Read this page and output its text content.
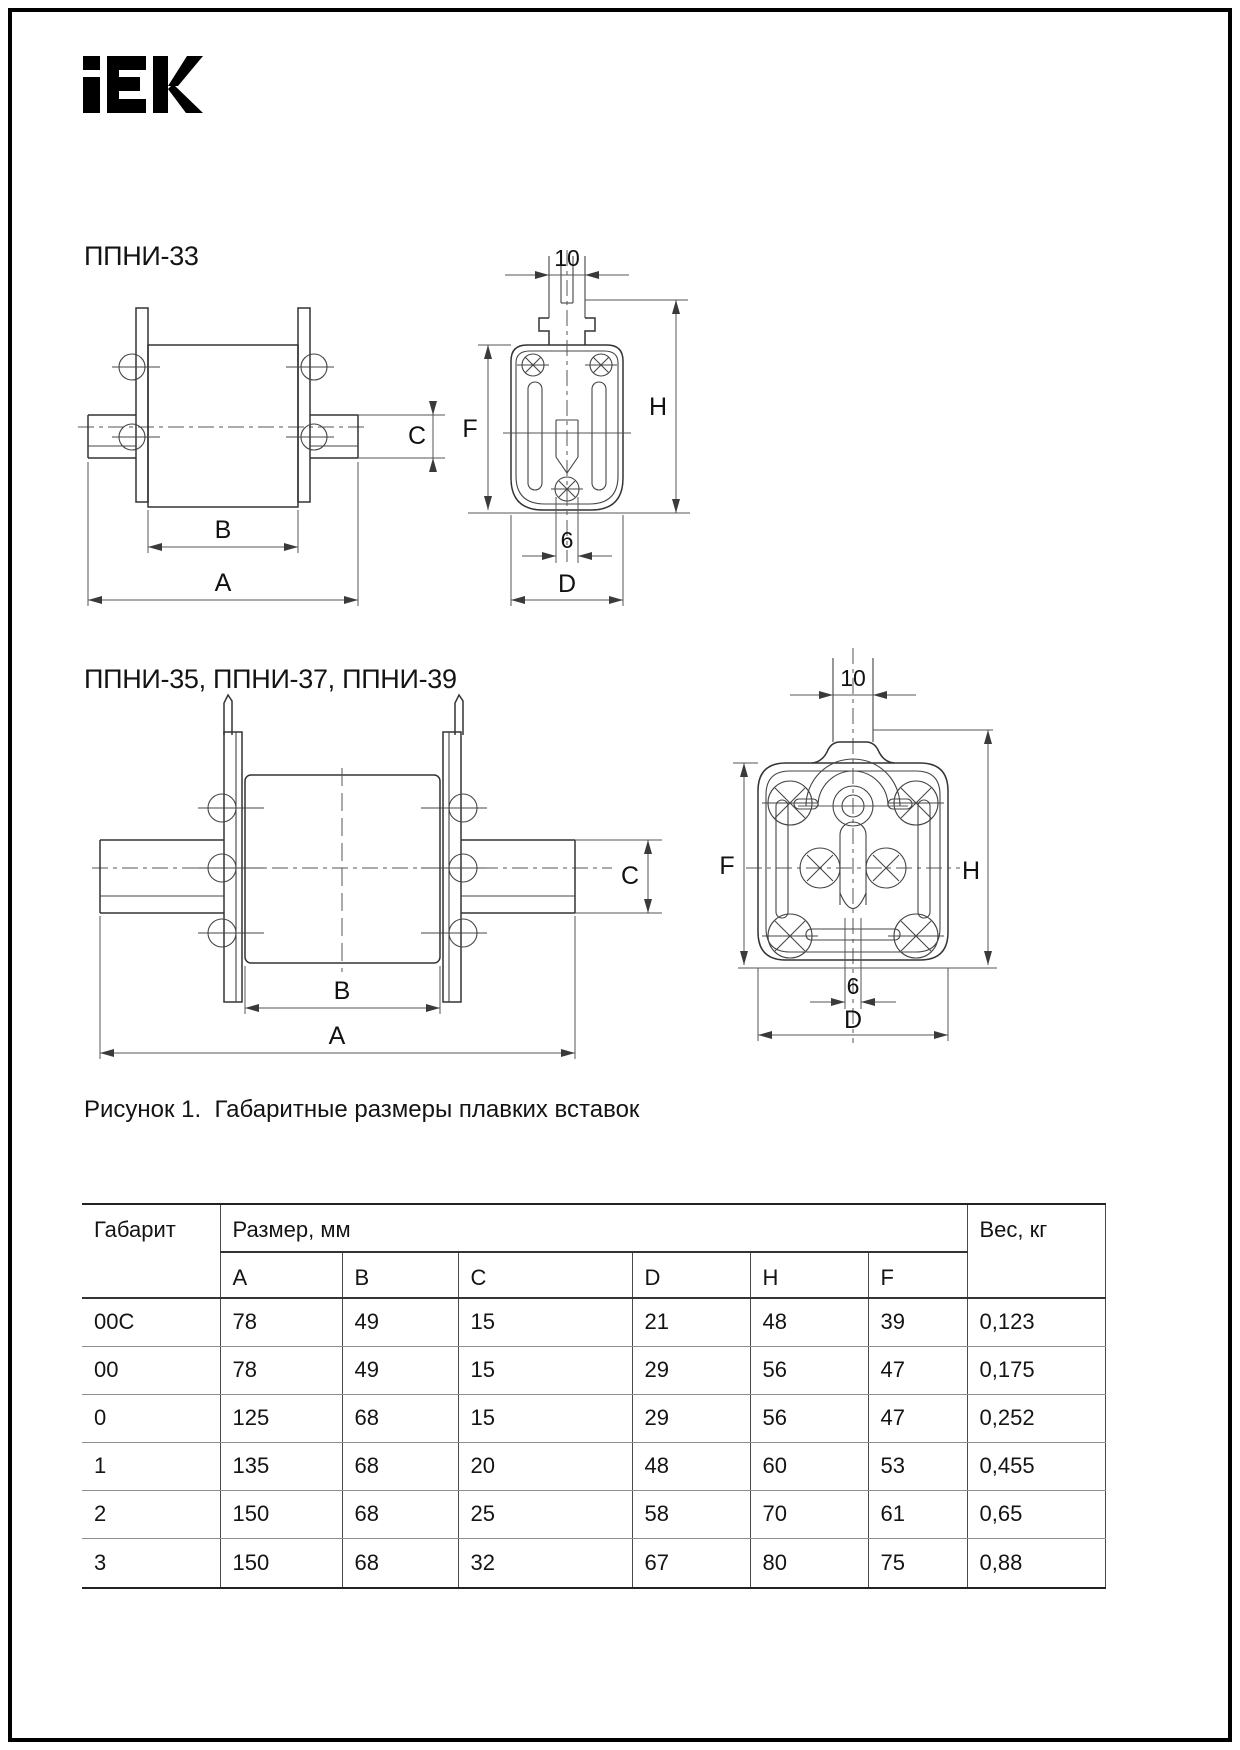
ППНИ-33
ППНИ-35, ППНИ-37, ППНИ-39
B
A
C
10
F
H
6
D
B
A
C
10
F	H
6
D
Рисунок 1.  Габаритные размеры плавких вставок
Габарит	Размер, мм						Вес, кг
	A	B	C	D	H	F	
00C	78	49	15	21	48	39	0,123
00	78	49	15	29	56	47	0,175
0	125	68	15	29	56	47	0,252
1	135	68	20	48	60	53	0,455
2	150	68	25	58	70	61	0,65
3	150	68	32	67	80	75	0,88
